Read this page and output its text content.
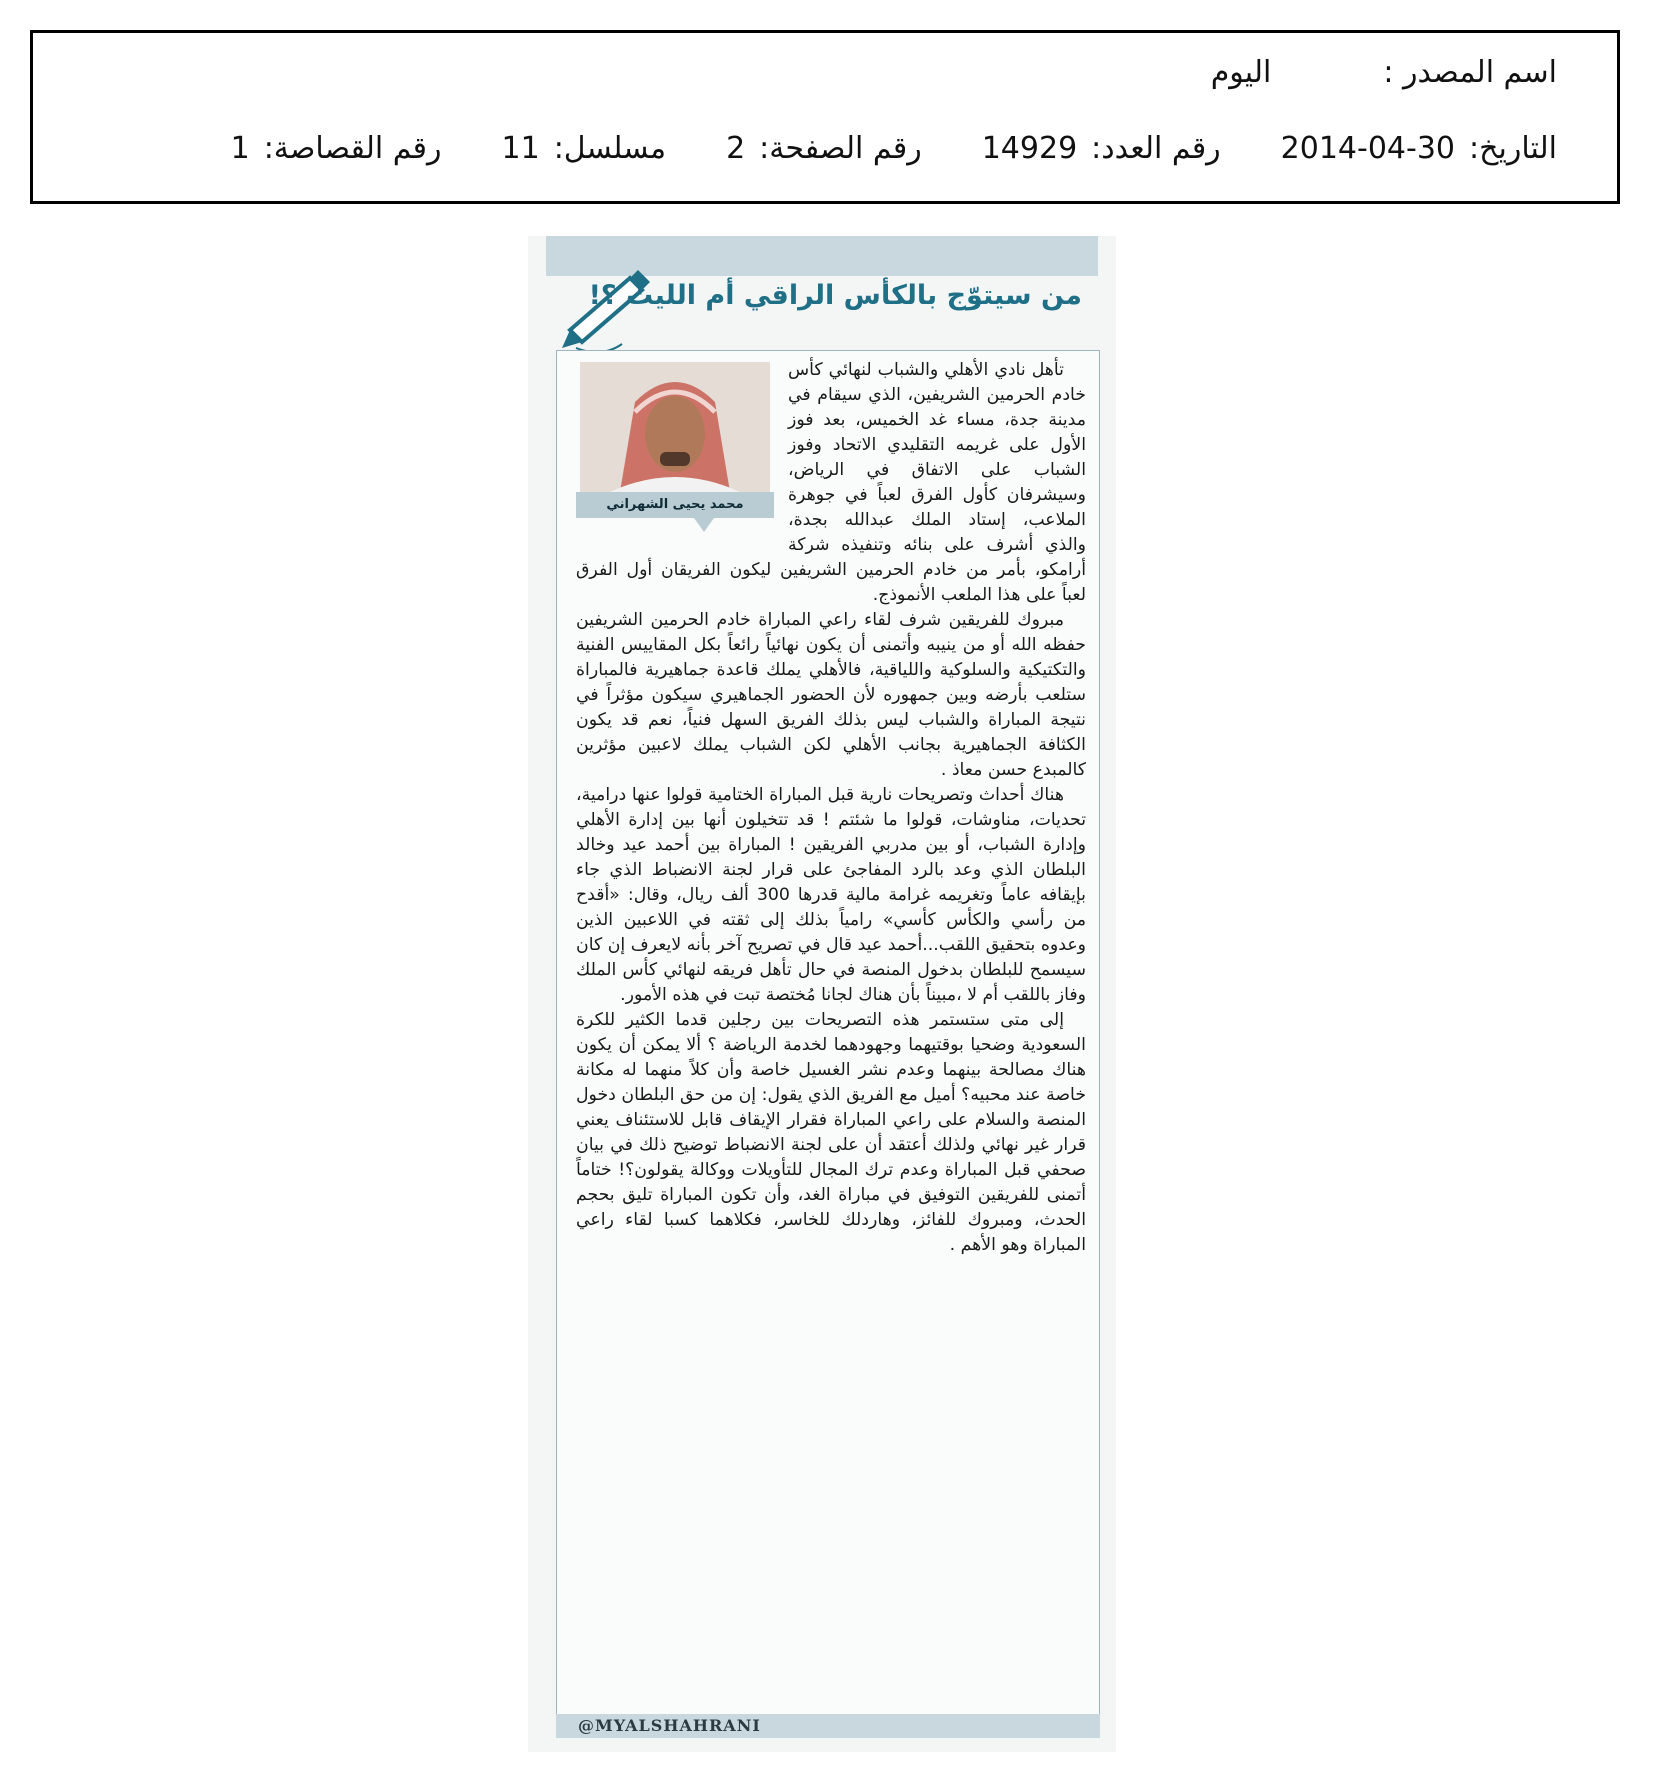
اسم المصدر :
اليوم
التاريخ:
2014-04-30
رقم العدد:
14929
رقم الصفحة:
2
مسلسل:
11
رقم القصاصة:
1
من سيتوّج بالكأس الراقي أم الليث ؟!
محمد يحيى الشهراني

تأهل نادي الأهلي والشباب لنهائي كأس خادم الحرمين الشريفين، الذي سيقام في مدينة جدة، مساء غد الخميس، بعد فوز الأول على غريمه التقليدي الاتحاد وفوز الشباب على الاتفاق في الرياض، وسيشرفان كأول الفرق لعباً في جوهرة الملاعب، إستاد الملك عبدالله بجدة، والذي أشرف على بنائه وتنفيذه شركة أرامكو، بأمر من خادم الحرمين الشريفين ليكون الفريقان أول الفرق لعباً على هذا الملعب الأنموذج.

مبروك للفريقين شرف لقاء راعي المباراة خادم الحرمين الشريفين حفظه الله أو من ينيبه وأتمنى أن يكون نهائياً رائعاً بكل المقاييس الفنية والتكتيكية والسلوكية واللياقية، فالأهلي يملك قاعدة جماهيرية فالمباراة ستلعب بأرضه وبين جمهوره لأن الحضور الجماهيري سيكون مؤثراً في نتيجة المباراة والشباب ليس بذلك الفريق السهل فنياً، نعم قد يكون الكثافة الجماهيرية بجانب الأهلي لكن الشباب يملك لاعبين مؤثرين كالمبدع حسن معاذ .

هناك أحداث وتصريحات نارية قبل المباراة الختامية قولوا عنها درامية، تحديات، مناوشات، قولوا ما شئتم ! قد تتخيلون أنها بين إدارة الأهلي وإدارة الشباب، أو بين مدربي الفريقين ! المباراة بين أحمد عيد وخالد البلطان الذي وعد بالرد المفاجئ على قرار لجنة الانضباط الذي جاء بإيقافه عاماً وتغريمه غرامة مالية قدرها 300 ألف ريال، وقال: «أقدح من رأسي والكأس كأسي» رامياً بذلك إلى ثقته في اللاعبين الذين وعدوه بتحقيق اللقب...أحمد عيد قال في تصريح آخر بأنه لايعرف إن كان سيسمح للبلطان بدخول المنصة في حال تأهل فريقه لنهائي كأس الملك وفاز باللقب أم لا ،مبيناً بأن هناك لجانا مُختصة تبت في هذه الأمور.

إلى متى ستستمر هذه التصريحات بين رجلين قدما الكثير للكرة السعودية وضحيا بوقتيهما وجهودهما لخدمة الرياضة ؟ ألا يمكن أن يكون هناك مصالحة بينهما وعدم نشر الغسيل خاصة وأن كلاً منهما له مكانة خاصة عند محبيه؟ أميل مع الفريق الذي يقول: إن من حق البلطان دخول المنصة والسلام على راعي المباراة فقرار الإيقاف قابل للاستئناف يعني قرار غير نهائي ولذلك أعتقد أن على لجنة الانضباط توضيح ذلك في بيان صحفي قبل المباراة وعدم ترك المجال للتأويلات ووكالة يقولون؟! ختاماً أتمنى للفريقين التوفيق في مباراة الغد، وأن تكون المباراة تليق بحجم الحدث، ومبروك للفائز، وهاردلك للخاسر، فكلاهما كسبا لقاء راعي المباراة وهو الأهم .

@MYALSHAHRANI
